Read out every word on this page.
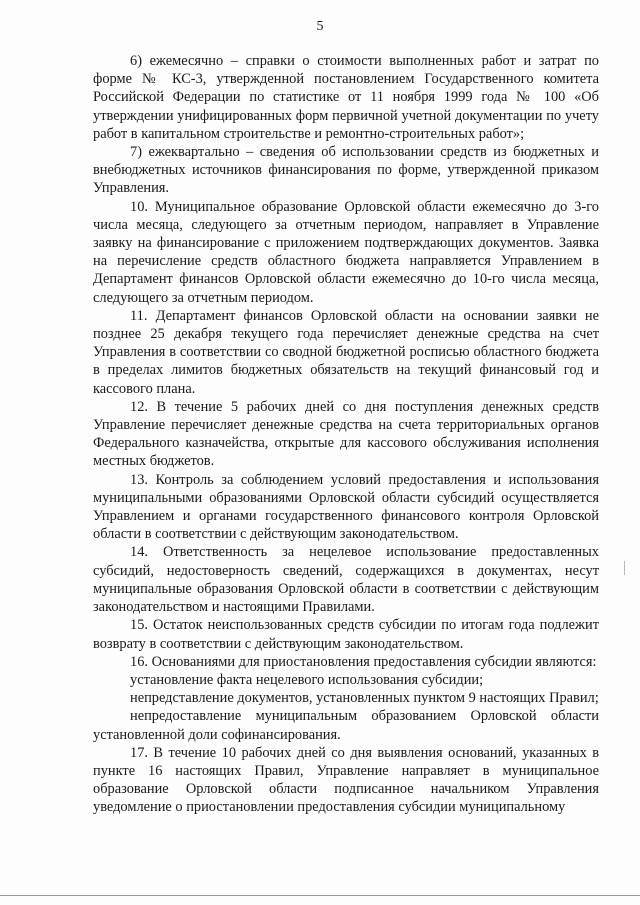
5

6) ежемесячно – справки о стоимости выполненных работ и затрат по форме № КС-3, утвержденной постановлением Государственного комитета Российской Федерации по статистике от 11 ноября 1999 года № 100 «Об утверждении унифицированных форм первичной учетной документации по учету работ в капитальном строительстве и ремонтно-строительных работ»;

7) ежеквартально – сведения об использовании средств из бюджетных и внебюджетных источников финансирования по форме, утвержденной приказом Управления.

10. Муниципальное образование Орловской области ежемесячно до 3-го числа месяца, следующего за отчетным периодом, направляет в Управление заявку на финансирование с приложением подтверждающих документов. Заявка на перечисление средств областного бюджета направляется Управлением в Департамент финансов Орловской области ежемесячно до 10-го числа месяца, следующего за отчетным периодом.

11. Департамент финансов Орловской области на основании заявки не позднее 25 декабря текущего года перечисляет денежные средства на счет Управления в соответствии со сводной бюджетной росписью областного бюджета в пределах лимитов бюджетных обязательств на текущий финансовый год и кассового плана.

12. В течение 5 рабочих дней со дня поступления денежных средств Управление перечисляет денежные средства на счета территориальных органов Федерального казначейства, открытые для кассового обслуживания исполнения местных бюджетов.

13. Контроль за соблюдением условий предоставления и использования муниципальными образованиями Орловской области субсидий осуществляется Управлением и органами государственного финансового контроля Орловской области в соответствии с действующим законодательством.

14. Ответственность за нецелевое использование предоставленных субсидий, недостоверность сведений, содержащихся в документах, несут муниципальные образования Орловской области в соответствии с действующим законодательством и настоящими Правилами.

15. Остаток неиспользованных средств субсидии по итогам года подлежит возврату в соответствии с действующим законодательством.

16. Основаниями для приостановления предоставления субсидии являются:

установление факта нецелевого использования субсидии;

непредставление документов, установленных пунктом 9 настоящих Правил;

непредоставление муниципальным образованием Орловской области установленной доли софинансирования.

17. В течение 10 рабочих дней со дня выявления оснований, указанных в пункте 16 настоящих Правил, Управление направляет в муниципальное образование Орловской области подписанное начальником Управления уведомление о приостановлении предоставления субсидии муниципальному
